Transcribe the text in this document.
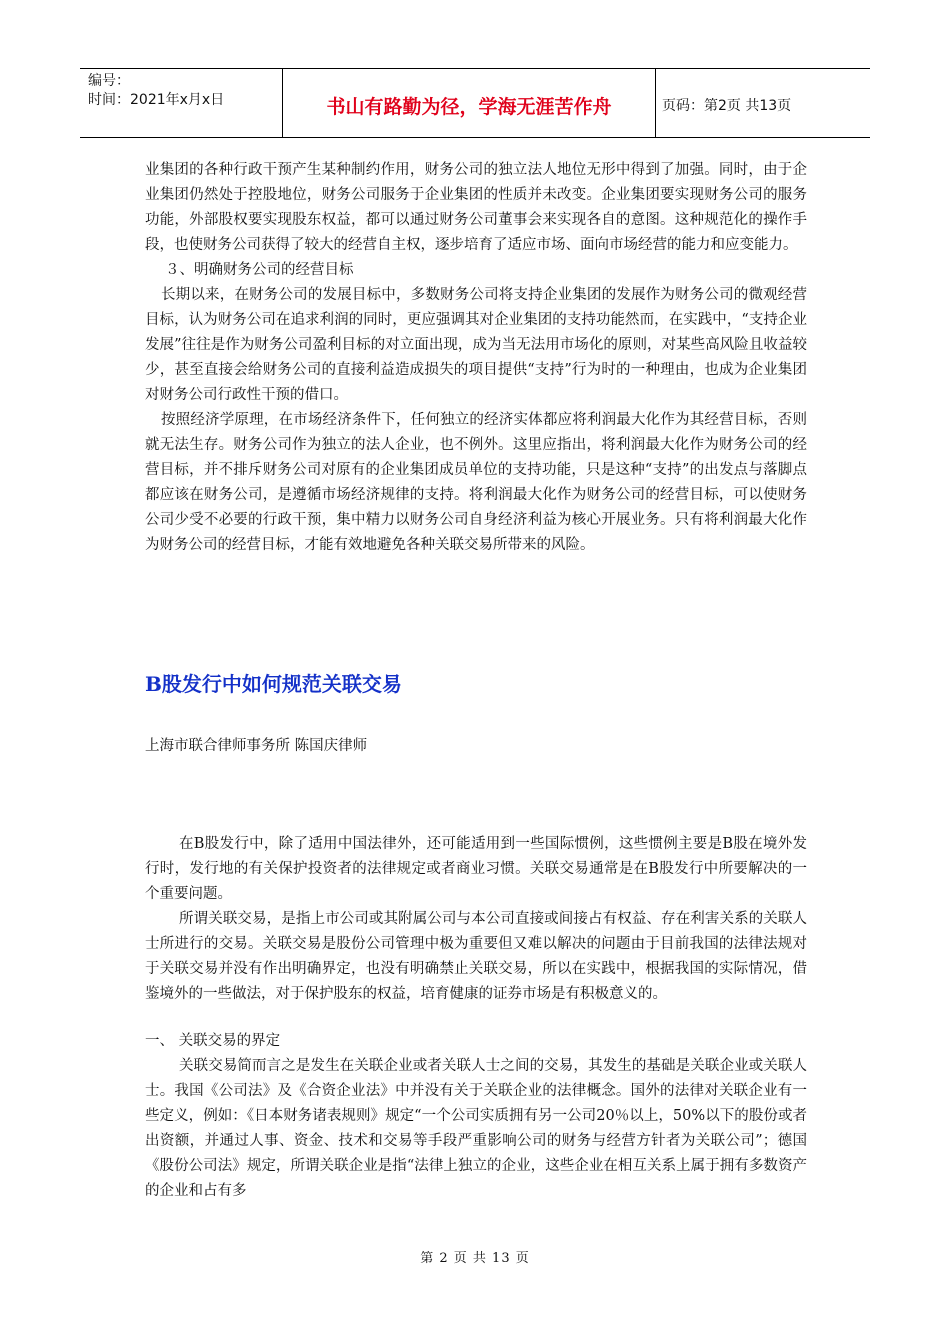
编号：
时间：2021年x月x日	书山有路勤为径，学海无涯苦作舟	页码：第2页 共13页

业集团的各种行政干预产生某种制约作用，财务公司的独立法人地位无形中得到了加强。同时，由于企业集团仍然处于控股地位，财务公司服务于企业集团的性质并未改变。企业集团要实现财务公司的服务功能，外部股权要实现股东权益，都可以通过财务公司董事会来实现各自的意图。这种规范化的操作手段，也使财务公司获得了较大的经营自主权，逐步培育了适应市场、面向市场经营的能力和应变能力。

３、明确财务公司的经营目标

长期以来，在财务公司的发展目标中，多数财务公司将支持企业集团的发展作为财务公司的微观经营目标，认为财务公司在追求利润的同时，更应强调其对企业集团的支持功能然而，在实践中，“支持企业发展”往往是作为财务公司盈利目标的对立面出现，成为当无法用市场化的原则，对某些高风险且收益较少，甚至直接会给财务公司的直接利益造成损失的项目提供“支持”行为时的一种理由，也成为企业集团对财务公司行政性干预的借口。

按照经济学原理，在市场经济条件下，任何独立的经济实体都应将利润最大化作为其经营目标，否则就无法生存。财务公司作为独立的法人企业，也不例外。这里应指出，将利润最大化作为财务公司的经营目标，并不排斥财务公司对原有的企业集团成员单位的支持功能，只是这种“支持”的出发点与落脚点都应该在财务公司，是遵循市场经济规律的支持。将利润最大化作为财务公司的经营目标，可以使财务公司少受不必要的行政干预，集中精力以财务公司自身经济利益为核心开展业务。只有将利润最大化作为财务公司的经营目标，才能有效地避免各种关联交易所带来的风险。

B股发行中如何规范关联交易
上海市联合律师事务所 陈国庆律师

在B股发行中，除了适用中国法律外，还可能适用到一些国际惯例，这些惯例主要是B股在境外发行时，发行地的有关保护投资者的法律规定或者商业习惯。关联交易通常是在B股发行中所要解决的一个重要问题。

所谓关联交易，是指上市公司或其附属公司与本公司直接或间接占有权益、存在利害关系的关联人士所进行的交易。关联交易是股份公司管理中极为重要但又难以解决的问题由于目前我国的法律法规对于关联交易并没有作出明确界定，也没有明确禁止关联交易，所以在实践中，根据我国的实际情况，借鉴境外的一些做法，对于保护股东的权益，培育健康的证券市场是有积极意义的。

一、 关联交易的界定

关联交易简而言之是发生在关联企业或者关联人士之间的交易，其发生的基础是关联企业或关联人士。我国《公司法》及《合资企业法》中并没有关于关联企业的法律概念。国外的法律对关联企业有一些定义，例如：《日本财务诸表规则》规定“一个公司实质拥有另一公司20％以上，50%以下的股份或者出资额，并通过人事、资金、技术和交易等手段严重影响公司的财务与经营方针者为关联公司”；德国《股份公司法》规定，所谓关联企业是指“法律上独立的企业，这些企业在相互关系上属于拥有多数资产的企业和占有多

第 2 页 共 13 页
